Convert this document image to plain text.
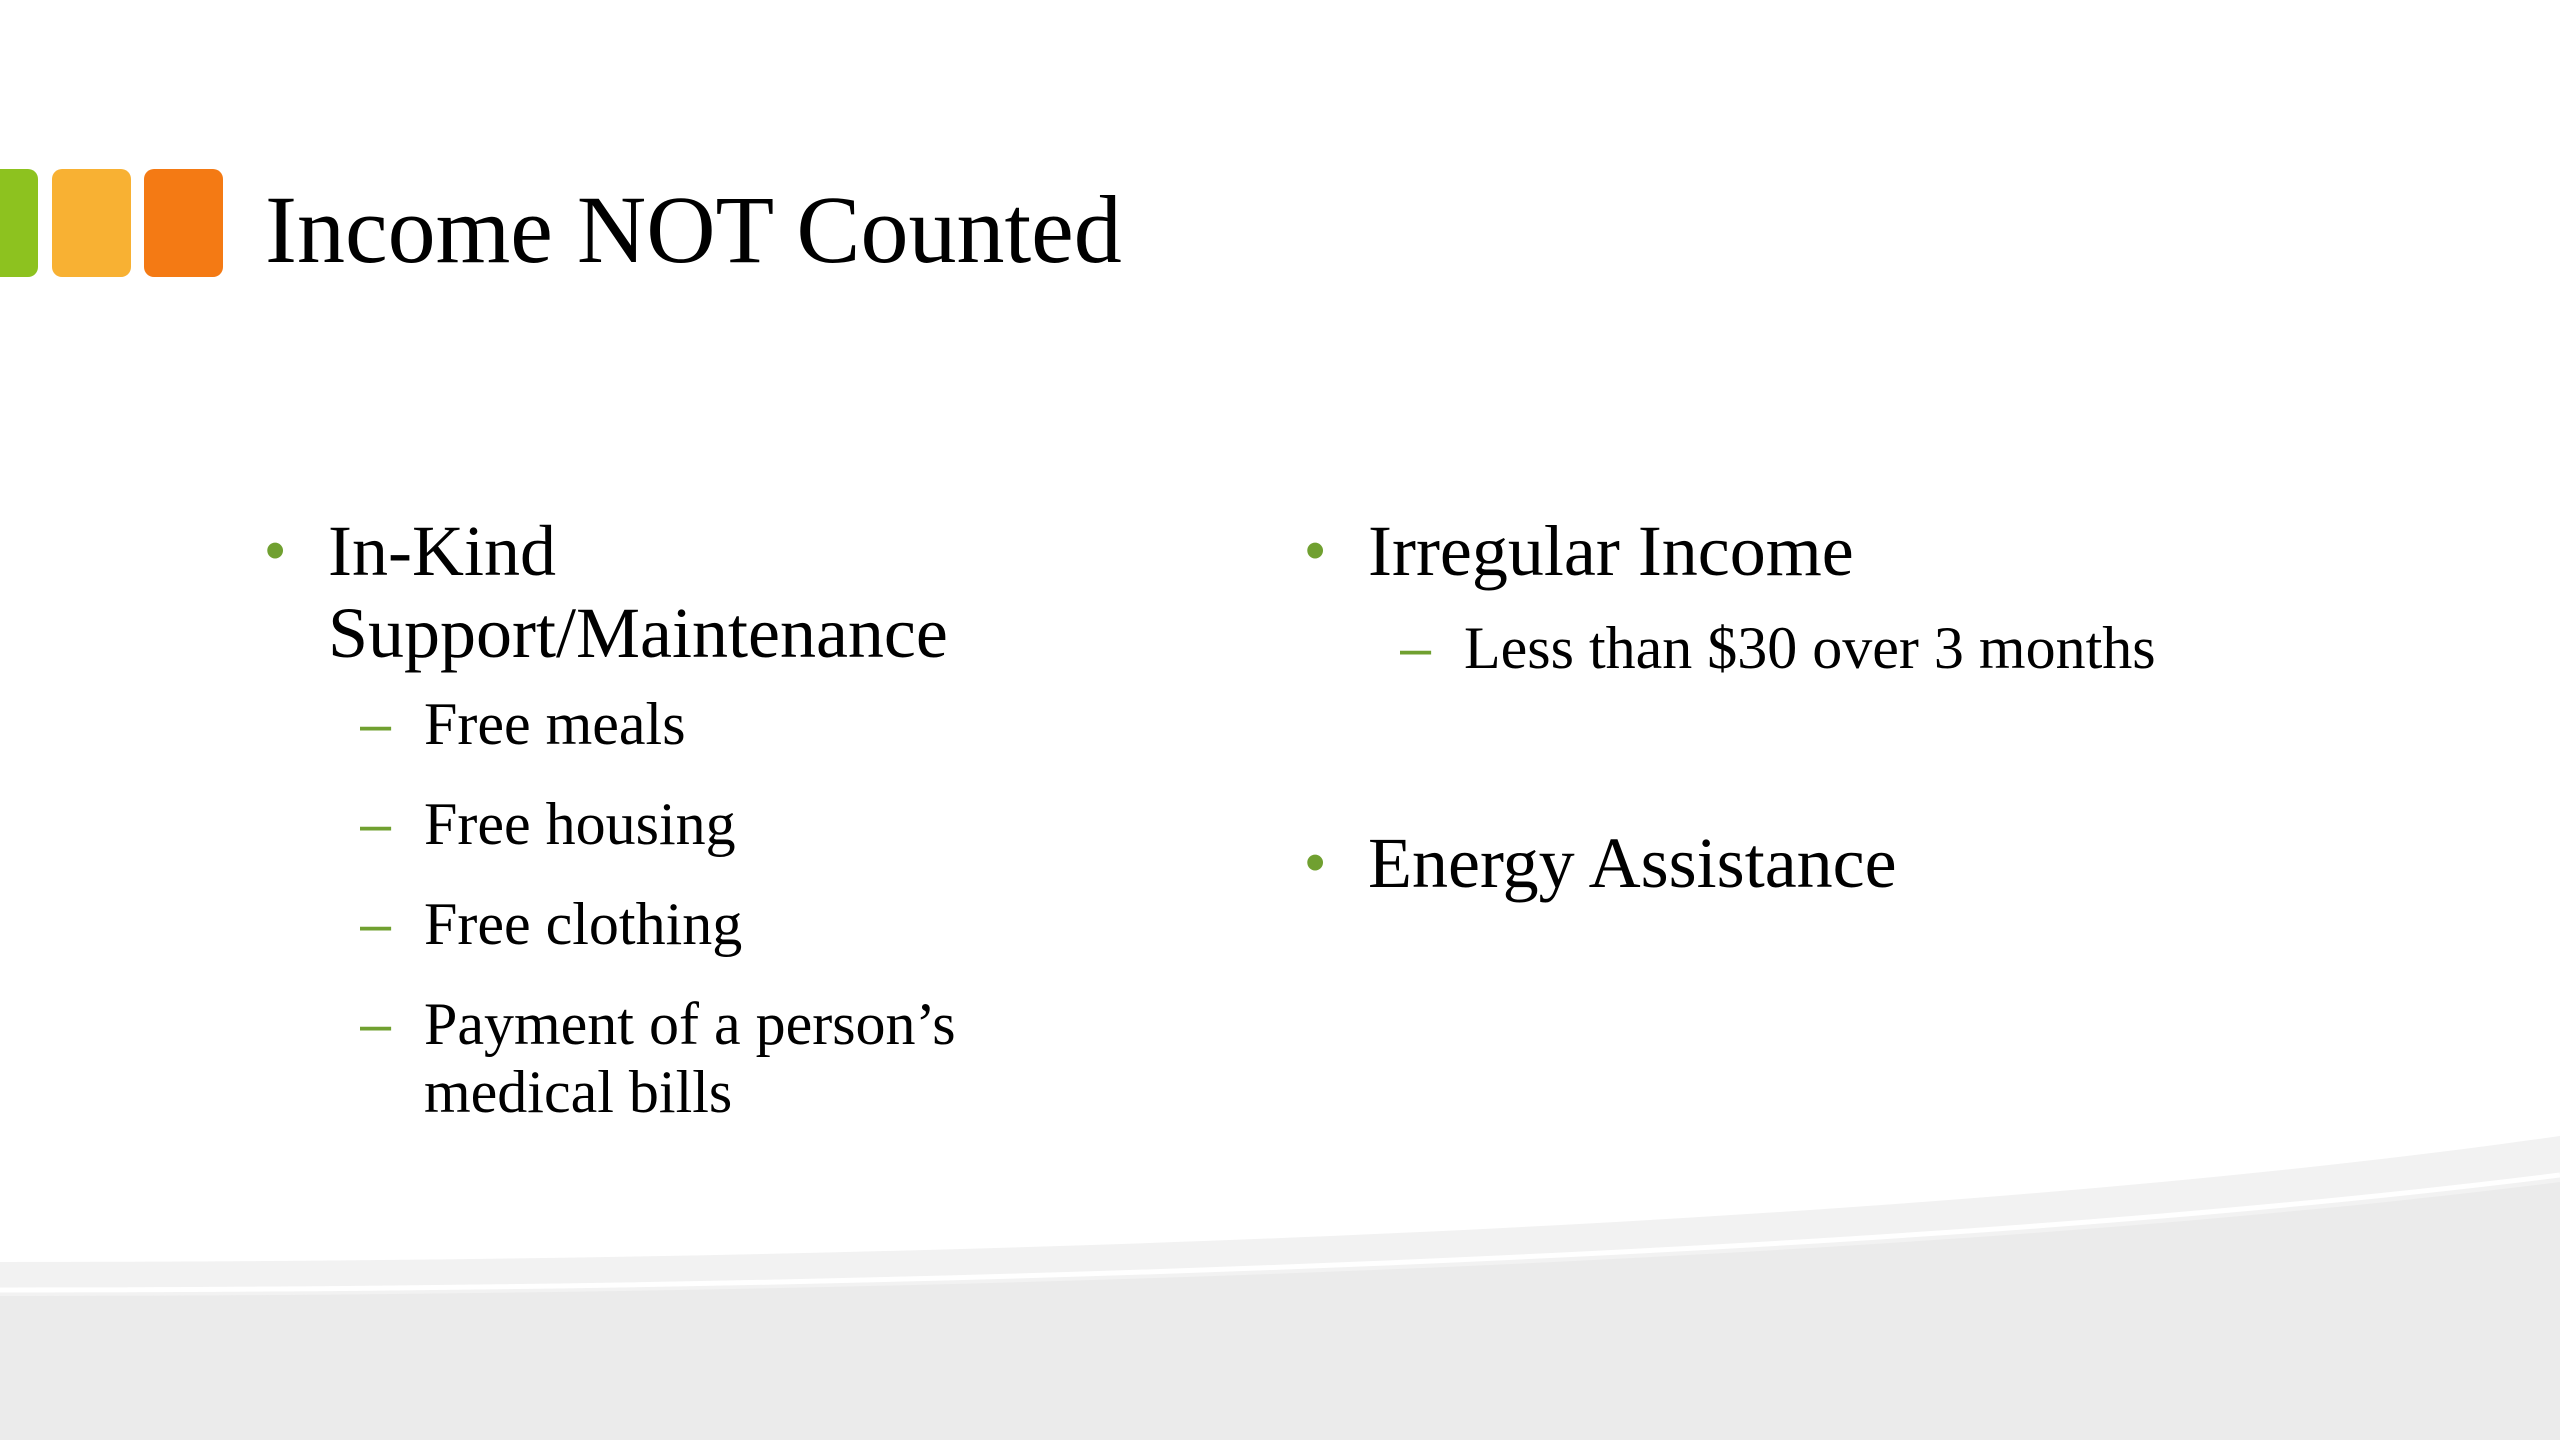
Income NOT Counted
• In-Kind Support/Maintenance
– Free meals
– Free housing
– Free clothing
– Payment of a person’s medical bills
• Irregular Income
– Less than $30 over 3 months
• Energy Assistance
